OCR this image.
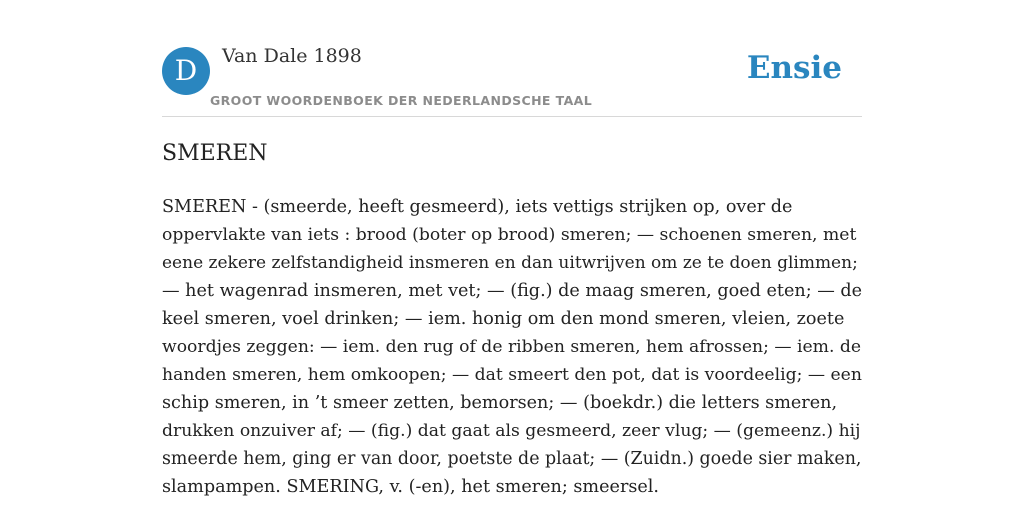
D	Van Dale 1898
GROOT WOORDENBOEK DER NEDERLANDSCHE TAAL
Ensie
SMEREN
SMEREN - (smeerde, heeft gesmeerd), iets vettigs strijken op, over de
oppervlakte van iets : brood (boter op brood) smeren; — schoenen smeren, met
eene zekere zelfstandigheid insmeren en dan uitwrijven om ze te doen glimmen;
— het wagenrad insmeren, met vet; — (fig.) de maag smeren, goed eten; — de
keel smeren, voel drinken; — iem. honig om den mond smeren, vleien, zoete
woordjes zeggen: — iem. den rug of de ribben smeren, hem afrossen; — iem. de
handen smeren, hem omkoopen; — dat smeert den pot, dat is voordeelig; — een
schip smeren, in ’t smeer zetten, bemorsen; — (boekdr.) die letters smeren,
drukken onzuiver af; — (fig.) dat gaat als gesmeerd, zeer vlug; — (gemeenz.) hij
smeerde hem, ging er van door, poetste de plaat; — (Zuidn.) goede sier maken,
slampampen. SMERING, v. (-en), het smeren; smeersel.
